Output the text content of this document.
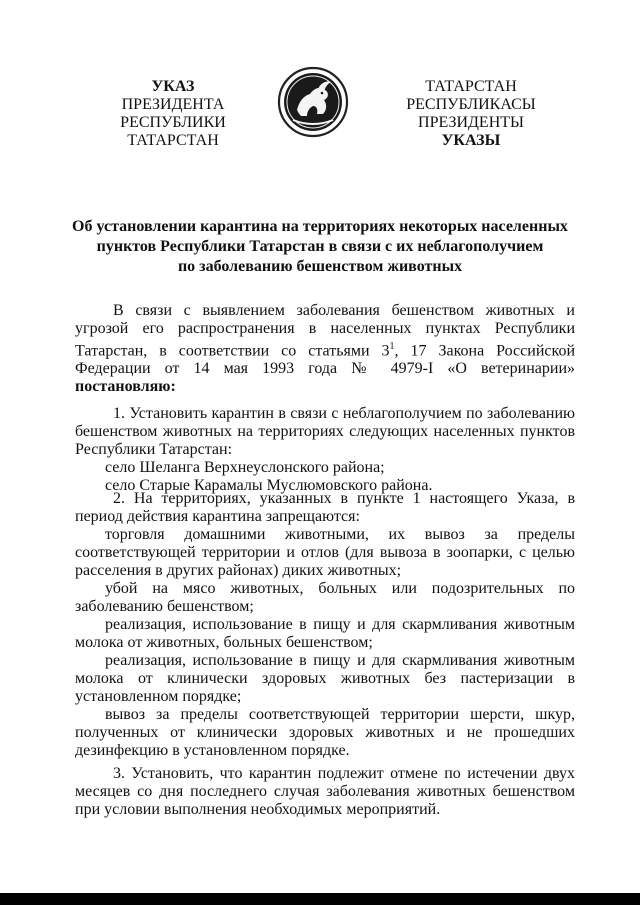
УКАЗ
ПРЕЗИДЕНТА
РЕСПУБЛИКИ ТАТАРСТАН
ТАТАРСТАН РЕСПУБЛИКАСЫ
ПРЕЗИДЕНТЫ
УКАЗЫ
Об установлении карантина на территориях некоторых населенных
пунктов Республики Татарстан в связи с их неблагополучием
по заболеванию бешенством животных

В связи с выявлением заболевания бешенством животных и угрозой его распространения в населенных пунктах Республики Татарстан, в соответствии со статьями $3^1$, 17 Закона Российской Федерации от 14 мая 1993 года № 4979-I «О ветеринарии» постановляю:

1. Установить карантин в связи с неблагополучием по заболеванию бешенством животных на территориях следующих населенных пунктов Республики Татарстан:

село Шеланга Верхнеуслонского района;

село Старые Карамалы Муслюмовского района.

2. На территориях, указанных в пункте 1 настоящего Указа, в период действия карантина запрещаются:

торговля домашними животными, их вывоз за пределы соответствующей территории и отлов (для вывоза в зоопарки, с целью расселения в других районах) диких животных;

убой на мясо животных, больных или подозрительных по заболеванию бешенством;

реализация, использование в пищу и для скармливания животным молока от животных, больных бешенством;

реализация, использование в пищу и для скармливания животным молока от клинически здоровых животных без пастеризации в установленном порядке;

вывоз за пределы соответствующей территории шерсти, шкур, полученных от клинически здоровых животных и не прошедших дезинфекцию в установленном порядке.

3. Установить, что карантин подлежит отмене по истечении двух месяцев со дня последнего случая заболевания животных бешенством при условии выполнения необходимых мероприятий.
